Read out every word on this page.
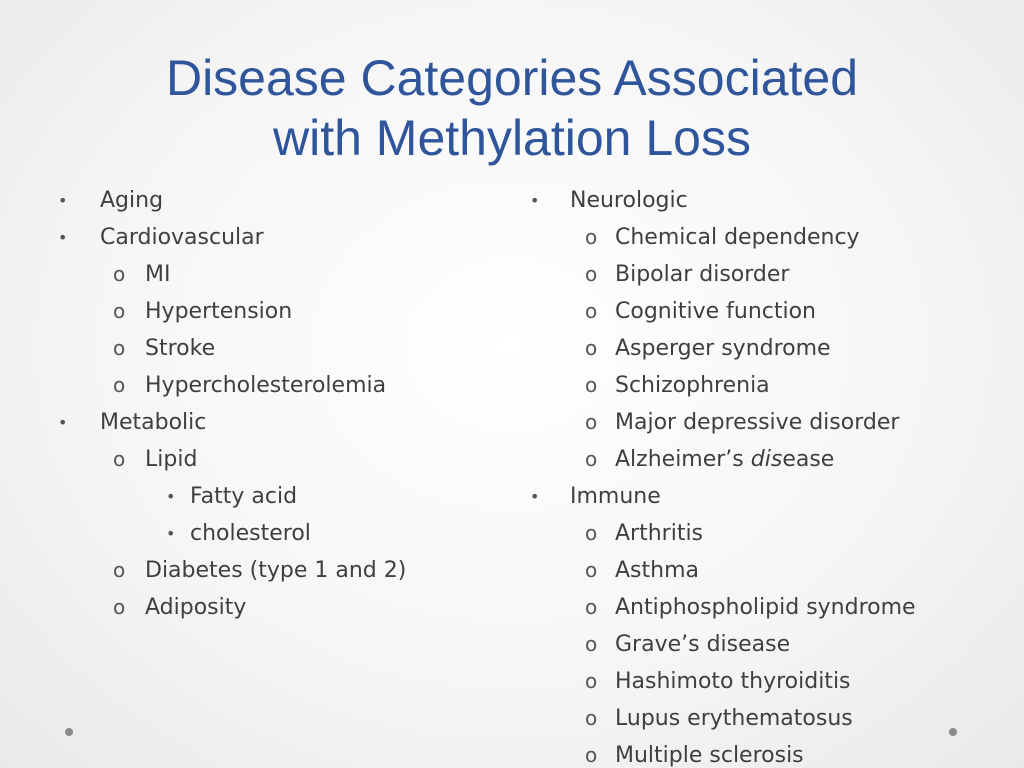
Disease Categories Associated
with Methylation Loss
• Aging
• Cardiovascular
o MI
o Hypertension
o Stroke
o Hypercholesterolemia
• Metabolic
o Lipid
• Fatty acid
• cholesterol
o Diabetes (type 1 and 2)
o Adiposity
• Neurologic
o Chemical dependency
o Bipolar disorder
o Cognitive function
o Asperger syndrome
o Schizophrenia
o Major depressive disorder
o Alzheimer’s disease
• Immune
o Arthritis
o Asthma
o Antiphospholipid syndrome
o Grave’s disease
o Hashimoto thyroiditis
o Lupus erythematosus
o Multiple sclerosis
